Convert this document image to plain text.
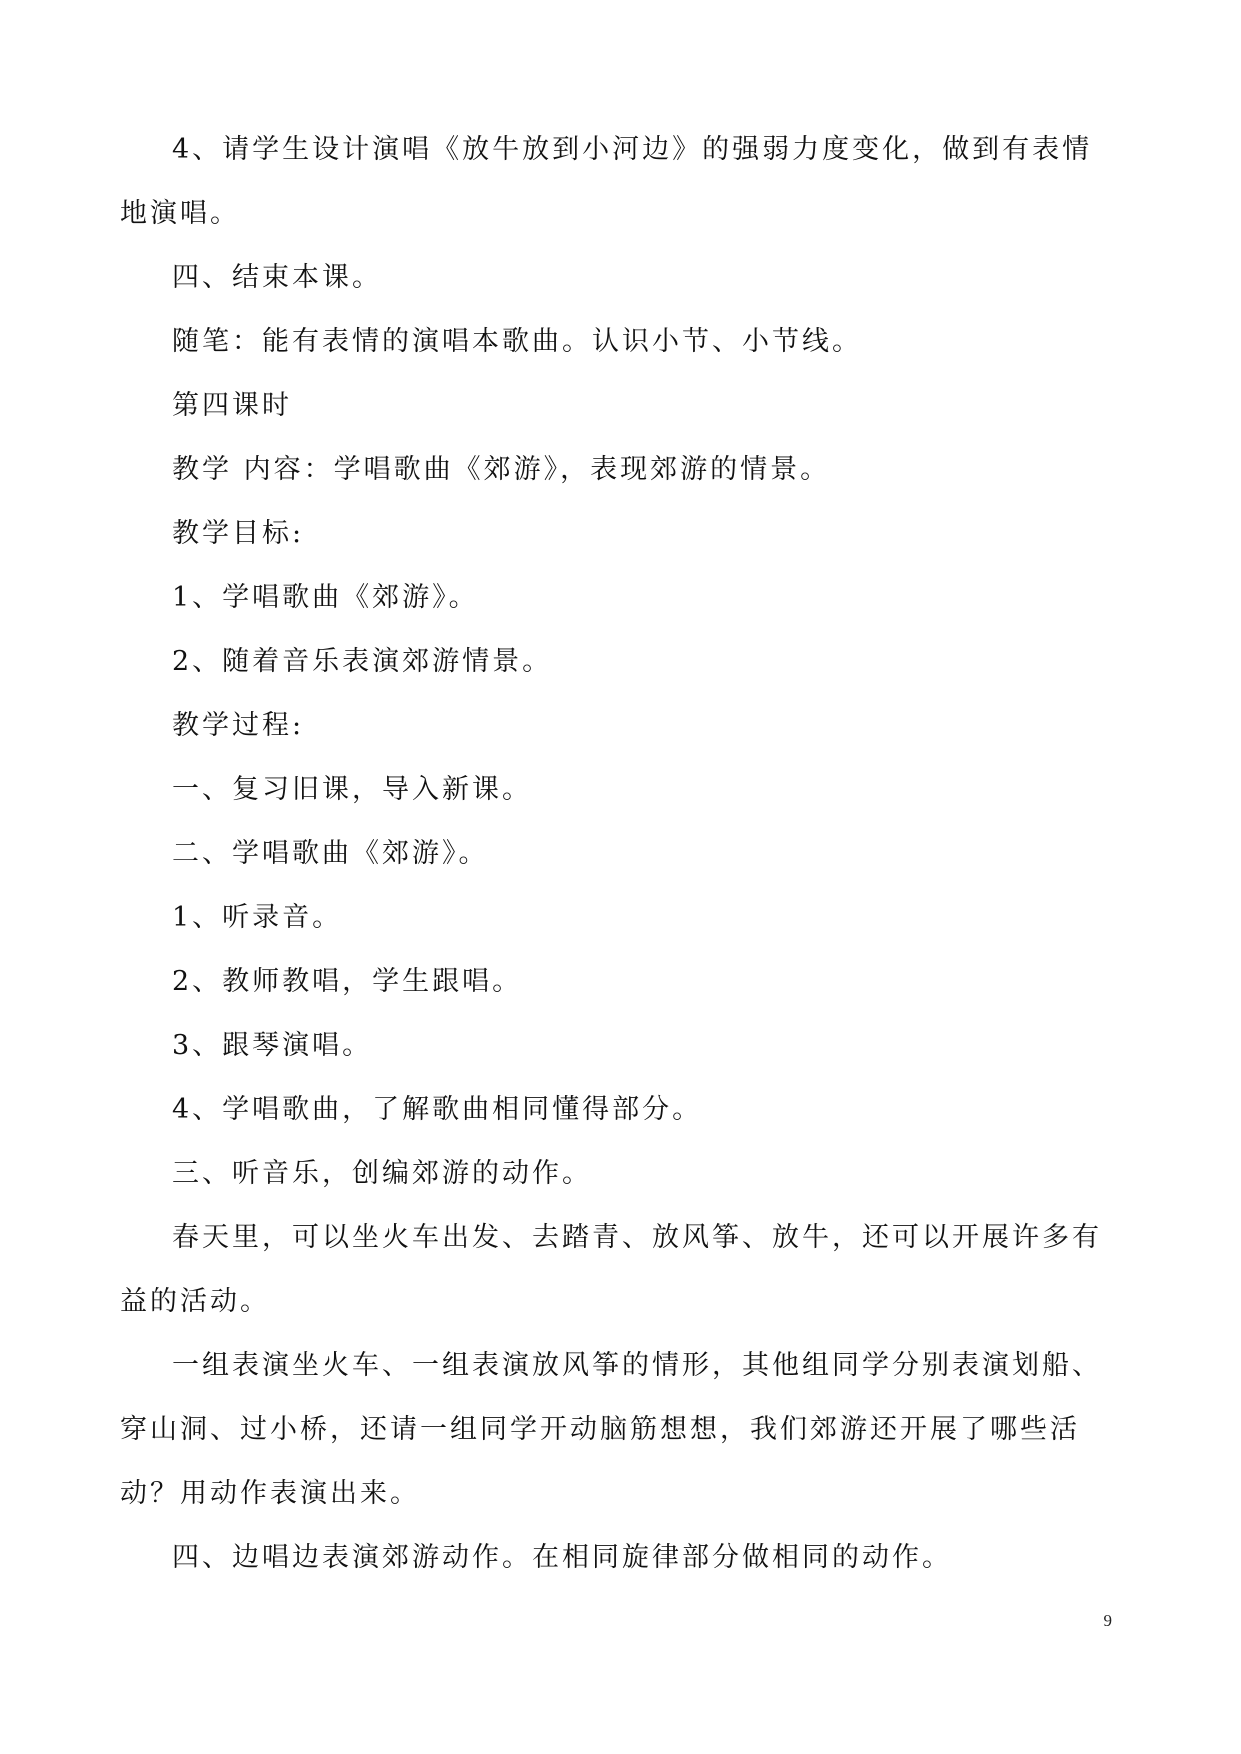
4、请学生设计演唱《放牛放到小河边》的强弱力度变化，做到有表情地演唱。

四、结束本课。

随笔：能有表情的演唱本歌曲。认识小节、小节线。

第四课时

教学 内容：学唱歌曲《郊游》，表现郊游的情景。

教学目标:

1、学唱歌曲《郊游》。

2、随着音乐表演郊游情景。

教学过程:

一、复习旧课，导入新课。

二、学唱歌曲《郊游》。

1、听录音。

2、教师教唱，学生跟唱。

3、跟琴演唱。

4、学唱歌曲，了解歌曲相同懂得部分。

三、听音乐，创编郊游的动作。

春天里，可以坐火车出发、去踏青、放风筝、放牛，还可以开展许多有益的活动。

一组表演坐火车、一组表演放风筝的情形，其他组同学分别表演划船、穿山洞、过小桥，还请一组同学开动脑筋想想，我们郊游还开展了哪些活动？用动作表演出来。

四、边唱边表演郊游动作。在相同旋律部分做相同的动作。

9
